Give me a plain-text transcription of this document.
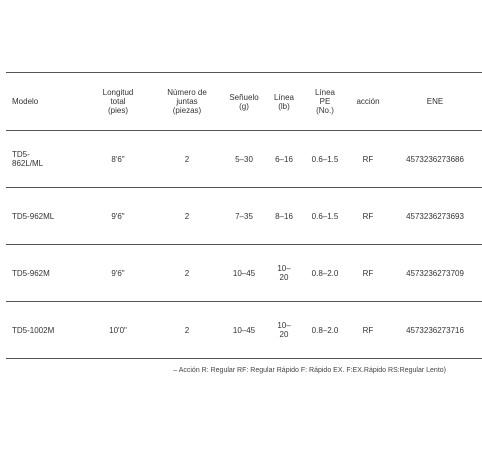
Modelo	Longitud
total
(pies)	Número de
juntas
(piezas)	Señuelo
(g)	Línea
(lb)	Línea
PE
(No.)	acción	ENE
TD5-
862L/ML	8'6"	2	5–30	6–16	0.6–1.5	RF	4573236273686
TD5-962ML	9'6"	2	7–35	8–16	0.6–1.5	RF	4573236273693
TD5-962M	9'6"	2	10–45	10–
20	0.8–2.0	RF	4573236273709
TD5-1002M	10'0"	2	10–45	10–
20	0.8–2.0	RF	4573236273716
– Acción R: Regular RF: Regular Rápido F: Rápido EX. F:EX.Rápido RS:Regular Lento)
